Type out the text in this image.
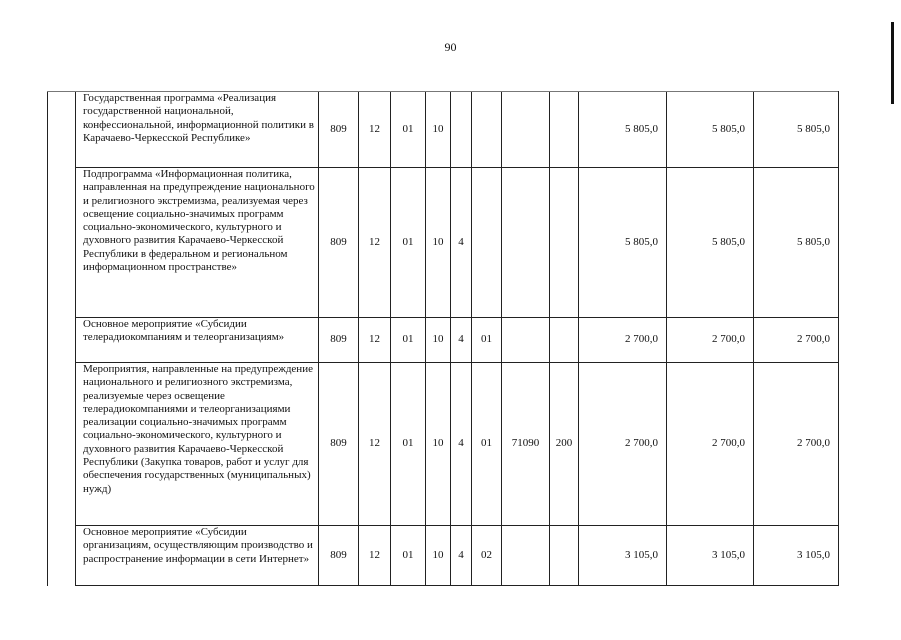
90
	Государственная программа «Реализация государственной национальной, конфессиональной, информационной политики в Карачаево-Черкесской Республике»	809	12	01	10					5 805,0	5 805,0	5 805,0
	Подпрограмма «Информационная политика, направленная на предупреждение национального и религиозного экстремизма, реализуемая через освещение социально-значимых программ социально-экономического, культурного и духовного развития Карачаево-Черкесской Республики в федеральном и региональном информационном пространстве»	809	12	01	10	4				5 805,0	5 805,0	5 805,0
	Основное мероприятие «Субсидии телерадиокомпаниям и телеорганизациям»	809	12	01	10	4	01			2 700,0	2 700,0	2 700,0
	Мероприятия, направленные на предупреждение национального и религиозного экстремизма, реализуемые через освещение телерадиокомпаниями и телеорганизациями реализации социально-значимых программ социально-экономического, культурного и духовного развития Карачаево-Черкесской Республики (Закупка товаров, работ и услуг для обеспечения государственных (муниципальных) нужд)	809	12	01	10	4	01	71090	200	2 700,0	2 700,0	2 700,0
	Основное мероприятие «Субсидии организациям, осуществляющим производство и распространение информации в сети Интернет»	809	12	01	10	4	02			3 105,0	3 105,0	3 105,0
